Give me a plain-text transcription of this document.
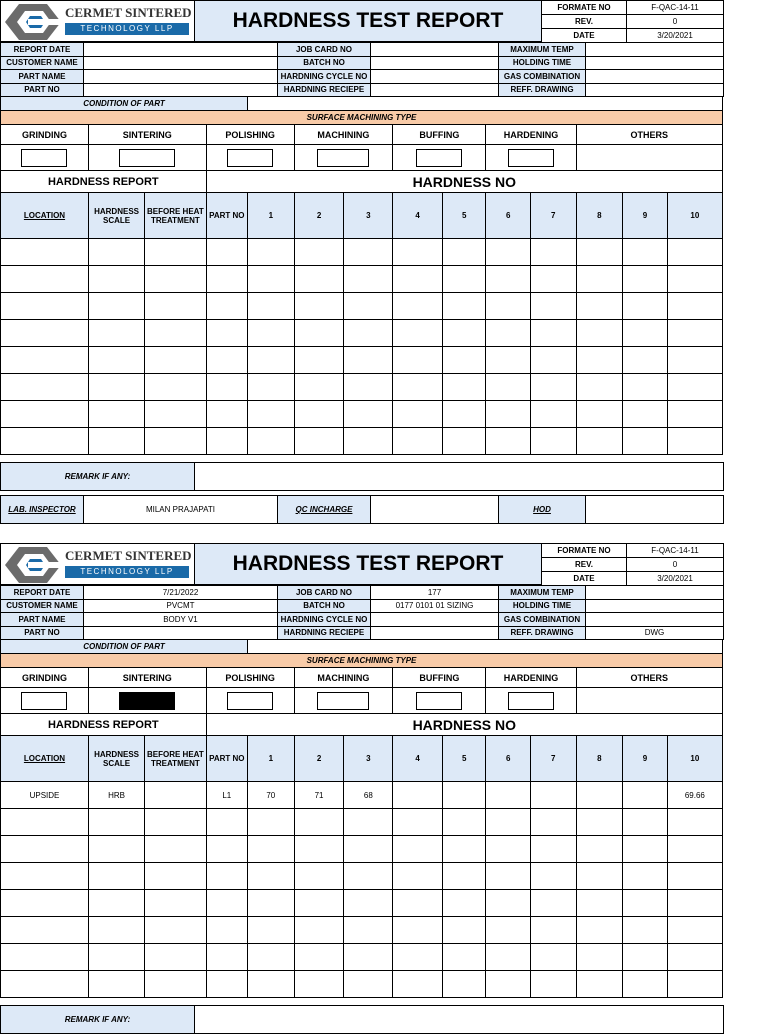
CERMET SINTERED
TECHNOLOGY LLP	HARDNESS TEST REPORT
FORMATE NO	F-QAC-14-11
REV.	0
DATE	3/20/2021
REPORT DATE		JOB CARD NO		MAXIMUM TEMP	
CUSTOMER NAME		BATCH NO		HOLDING TIME	
PART NAME		HARDNING CYCLE NO		GAS COMBINATION	
PART NO		HARDNING RECIEPE		REFF. DRAWING	
CONDITION OF PART													
SURFACE MACHINING TYPE													
GRINDING	SINTERING		POLISHING		MACHINING		BUFFING		HARDENING		OTHERS		

HARDNESS REPORT			HARDNESS NO										
LOCATION	HARDNESS SCALE	BEFORE HEAT TREATMENT	PART NO	1	2	3	4	5	6	7	8	9	10

REMARK IF ANY:	
LAB. INSPECTOR	MILAN PRAJAPATI	QC INCHARGE		HOD	
CERMET SINTERED
TECHNOLOGY LLP	HARDNESS TEST REPORT
FORMATE NO	F-QAC-14-11
REV.	0
DATE	3/20/2021
REPORT DATE	7/21/2022	JOB CARD NO	177	MAXIMUM TEMP	
CUSTOMER NAME	PVCMT	BATCH NO	0177 0101 01 SIZING	HOLDING TIME	
PART NAME	BODY V1	HARDNING CYCLE NO		GAS COMBINATION	
PART NO		HARDNING RECIEPE		REFF. DRAWING	DWG
CONDITION OF PART													
SURFACE MACHINING TYPE													
GRINDING	SINTERING		POLISHING		MACHINING		BUFFING		HARDENING		OTHERS		

HARDNESS REPORT			HARDNESS NO										
LOCATION	HARDNESS SCALE	BEFORE HEAT TREATMENT	PART NO	1	2	3	4	5	6	7	8	9	10
UPSIDE	HRB		L1	70	71	68							69.66

REMARK IF ANY:	
